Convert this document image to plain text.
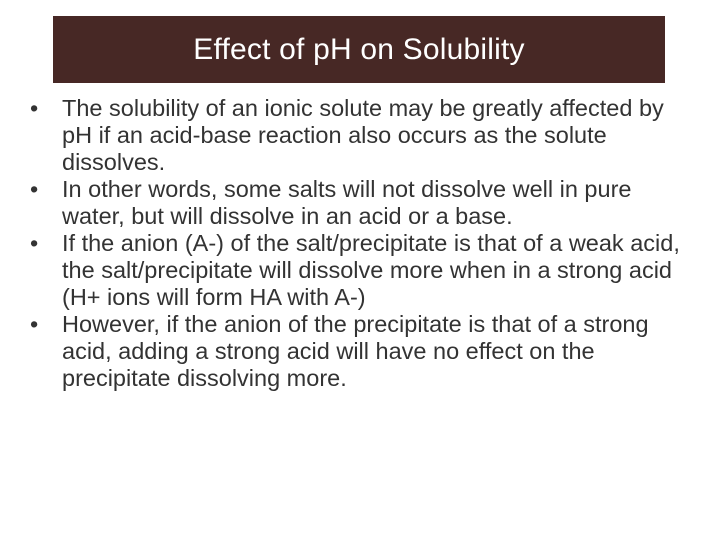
Effect of pH on Solubility
•	The solubility of an ionic solute may be greatly affected by pH if an acid-base reaction also occurs as the solute dissolves.
•	In other words, some salts will not dissolve well in pure water, but will dissolve in an acid or a base.
•	If the anion (A-) of the salt/precipitate is that of a weak acid, the salt/precipitate will dissolve more when in a strong acid (H+ ions will form HA with A-)
•	However, if the anion of the precipitate is that of a strong acid, adding a strong acid will have no effect on the precipitate dissolving more.
